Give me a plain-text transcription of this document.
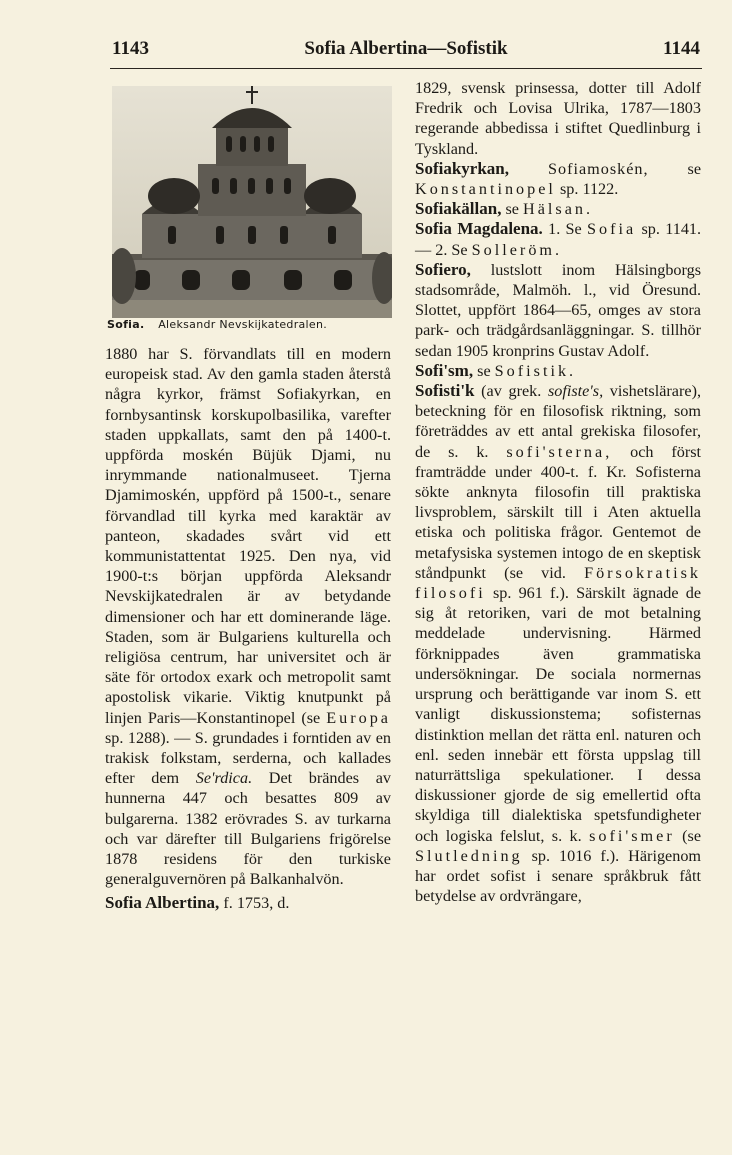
1143	Sofia Albertina—Sofistik	1144
Sofia. Aleksandr Nevskijkatedralen.

1880 har S. förvandlats till en modern europeisk stad. Av den gamla staden återstå några kyrkor, främst Sofiakyrkan, en fornbysantinsk korskupolbasilika, varefter staden uppkallats, samt den på 1400-t. uppförda moskén Büjük Djami, nu inrymmande nationalmuseet. Tjerna Djamimoskén, uppförd på 1500-t., senare förvandlad till kyrka med karaktär av panteon, skadades svårt vid ett kommunistattentat 1925. Den nya, vid 1900-t:s början uppförda Aleksandr Nevskijkatedralen är av betydande dimensioner och har ett dominerande läge. Staden, som är Bulgariens kulturella och religiösa centrum, har universitet och är säte för ortodox exark och metropolit samt apostolisk vikarie. Viktig knutpunkt på linjen Paris—Konstantinopel (se Europa sp. 1288). — S. grundades i forntiden av en trakisk folkstam, serderna, och kallades efter dem Se'rdica. Det brändes av hunnerna 447 och besattes 809 av bulgarerna. 1382 erövrades S. av turkarna och var därefter till Bulgariens frigörelse 1878 residens för den turkiske generalguvernören på Balkanhalvön.

Sofia Albertina, f. 1753, d.

1829, svensk prinsessa, dotter till Adolf Fredrik och Lovisa Ulrika, 1787—1803 regerande abbedissa i stiftet Quedlinburg i Tyskland.

Sofiakyrkan, Sofiamoskén, se Konstantinopel sp. 1122.

Sofiakällan, se Hälsan.

Sofia Magdalena. 1. Se Sofia sp. 1141. — 2. Se Solleröm.

Sofiero, lustslott inom Hälsingborgs stadsområde, Malmöh. l., vid Öresund. Slottet, uppfört 1864—65, omges av stora park- och trädgårdsanläggningar. S. tillhör sedan 1905 kronprins Gustav Adolf.

Sofi'sm, se Sofistik.

Sofisti'k (av grek. sofiste's, vishetslärare), beteckning för en filosofisk riktning, som företräddes av ett antal grekiska filosofer, de s. k. sofi'sterna, och först framträdde under 400-t. f. Kr. Sofisterna sökte anknyta filosofin till praktiska livsproblem, särskilt till i Aten aktuella etiska och politiska frågor. Gentemot de metafysiska systemen intogo de en skeptisk ståndpunkt (se vid. Försokratisk filosofi sp. 961 f.). Särskilt ägnade de sig åt retoriken, vari de mot betalning meddelade undervisning. Härmed förknippades även grammatiska undersökningar. De sociala normernas ursprung och berättigande var inom S. ett vanligt diskussionstema; sofisternas distinktion mellan det rätta enl. naturen och enl. seden innebär ett första uppslag till naturrättsliga spekulationer. I dessa diskussioner gjorde de sig emellertid ofta skyldiga till dialektiska spetsfundigheter och logiska felslut, s. k. sofi'smer (se Slutledning sp. 1016 f.). Härigenom har ordet sofist i senare språkbruk fått betydelse av ordvrängare,
